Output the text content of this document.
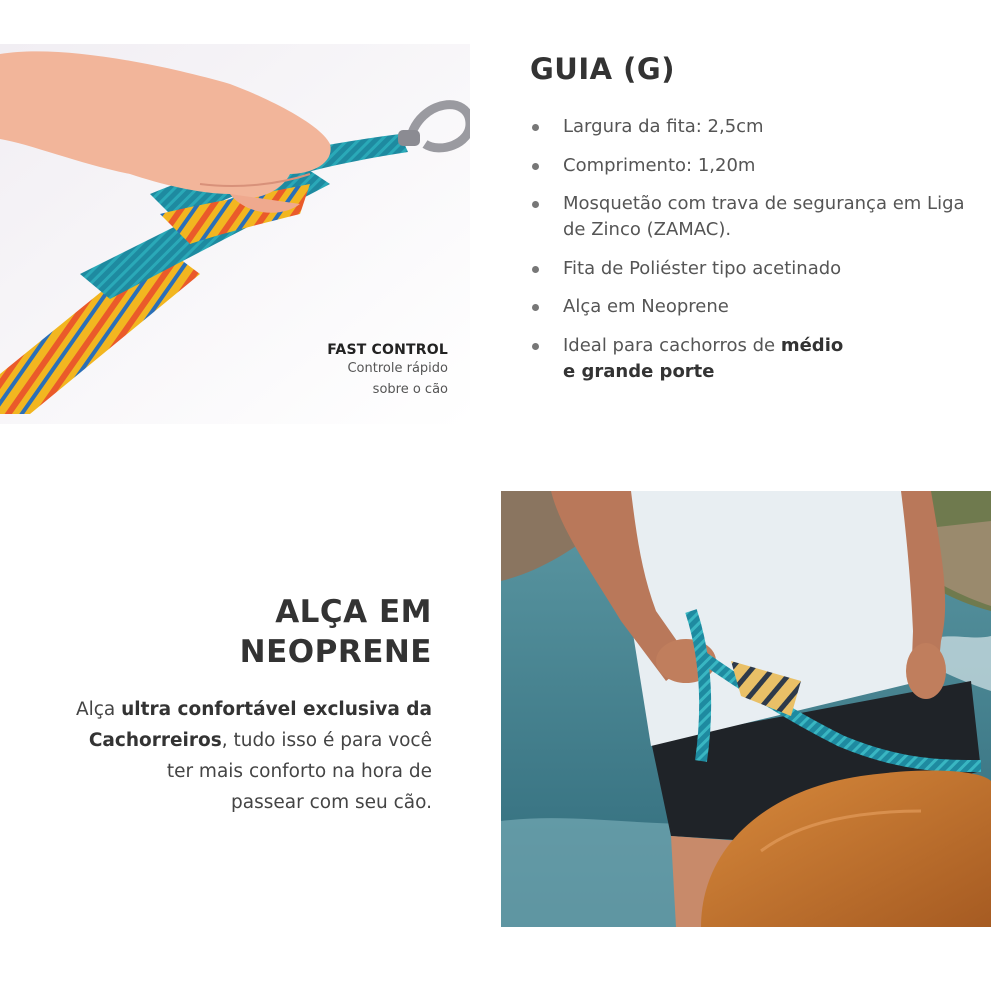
FAST CONTROL
Controle rápido
sobre o cão
GUIA (G)
Largura da fita: 2,5cm
Comprimento: 1,20m
Mosquetão com trava de segurança em Liga de Zinco (ZAMAC).
Fita de Poliéster tipo acetinado
Alça em Neoprene
Ideal para cachorros de médio
e grande porte
ALÇA EM
NEOPRENE
Alça ultra confortável exclusiva da
Cachorreiros, tudo isso é para você
ter mais conforto na hora de
passear com seu cão.
